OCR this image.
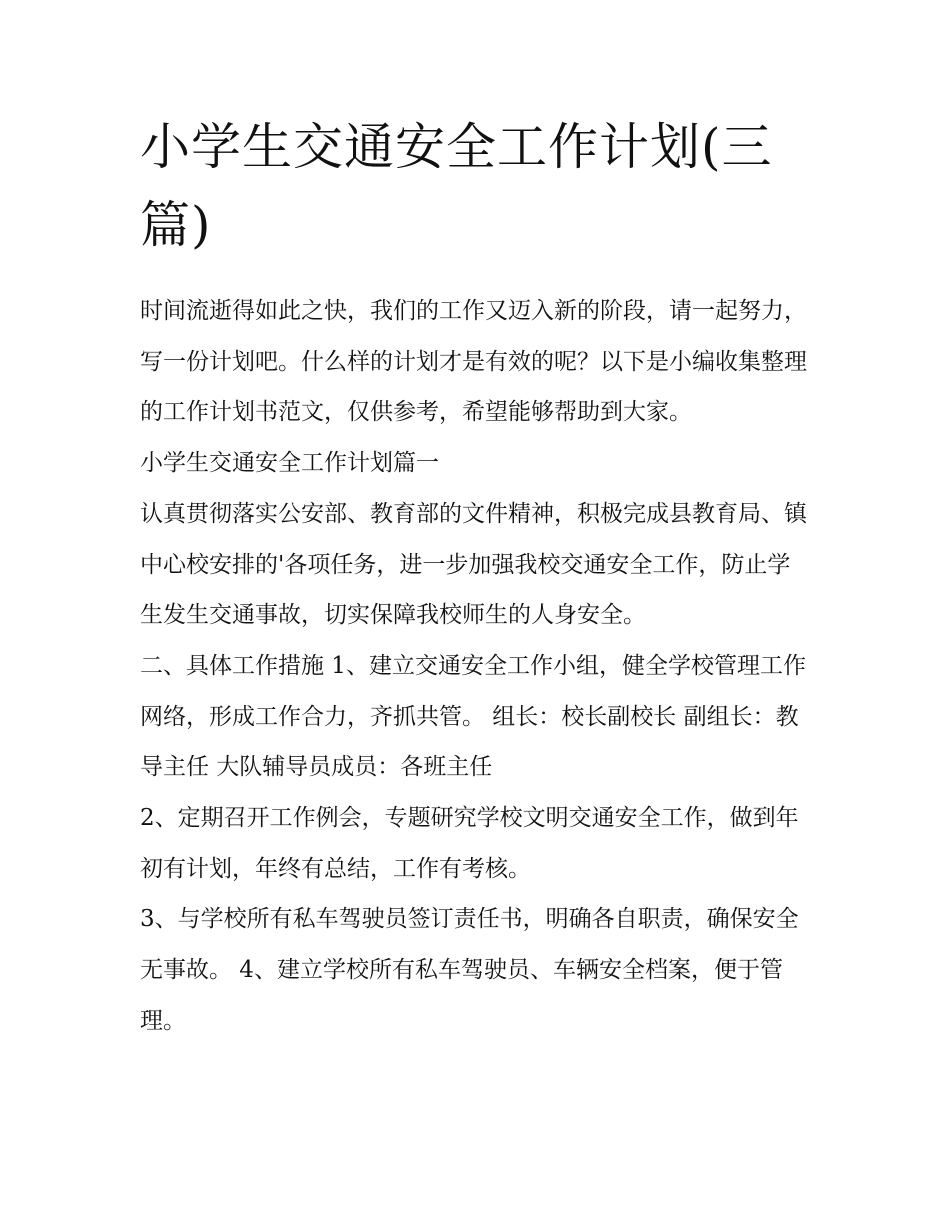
小学生交通安全工作计划(三篇)

时间流逝得如此之快，我们的工作又迈入新的阶段，请一起努力，写一份计划吧。什么样的计划才是有效的呢？以下是小编收集整理的工作计划书范文，仅供参考，希望能够帮助到大家。

小学生交通安全工作计划篇一

认真贯彻落实公安部、教育部的文件精神，积极完成县教育局、镇中心校安排的'各项任务，进一步加强我校交通安全工作，防止学生发生交通事故，切实保障我校师生的人身安全。

二、具体工作措施 1、建立交通安全工作小组，健全学校管理工作网络，形成工作合力，齐抓共管。 组长：校长副校长 副组长：教导主任 大队辅导员成员：各班主任

2、定期召开工作例会，专题研究学校文明交通安全工作，做到年初有计划，年终有总结，工作有考核。

3、与学校所有私车驾驶员签订责任书，明确各自职责，确保安全无事故。 4、建立学校所有私车驾驶员、车辆安全档案，便于管理。
